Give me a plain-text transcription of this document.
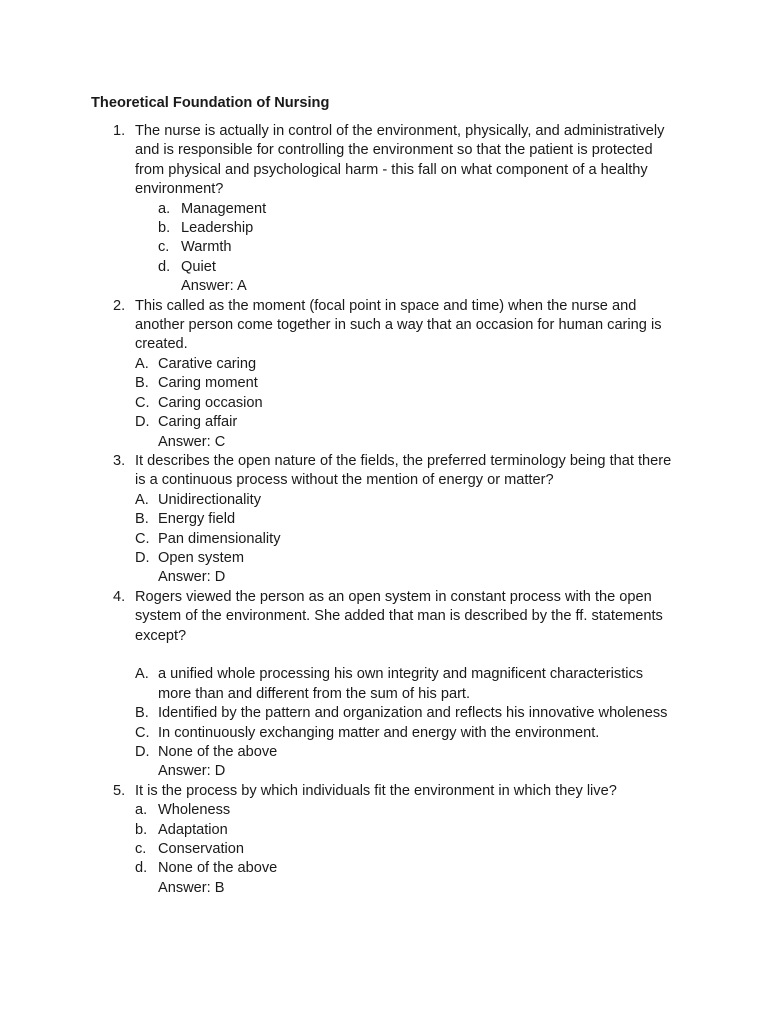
Theoretical Foundation of Nursing
1. The nurse is actually in control of the environment, physically, and administratively and is responsible for controlling the environment so that the patient is protected from physical and psychological harm - this fall on what component of a healthy environment?
a. Management
b. Leadership
c. Warmth
d. Quiet
Answer: A
2. This called as the moment (focal point in space and time) when the nurse and another person come together in such a way that an occasion for human caring is created.
A. Carative caring
B. Caring moment
C. Caring occasion
D. Caring affair
Answer: C
3. It describes the open nature of the fields, the preferred terminology being that there is a continuous process without the mention of energy or matter?
A. Unidirectionality
B. Energy field
C. Pan dimensionality
D. Open system
Answer: D
4. Rogers viewed the person as an open system in constant process with the open system of the environment. She added that man is described by the ff. statements except?
A. a unified whole processing his own integrity and magnificent characteristics more than and different from the sum of his part.
B. Identified by the pattern and organization and reflects his innovative wholeness
C. In continuously exchanging matter and energy with the environment.
D. None of the above
Answer: D
5. It is the process by which individuals fit the environment in which they live?
a. Wholeness
b. Adaptation
c. Conservation
d. None of the above
Answer: B
